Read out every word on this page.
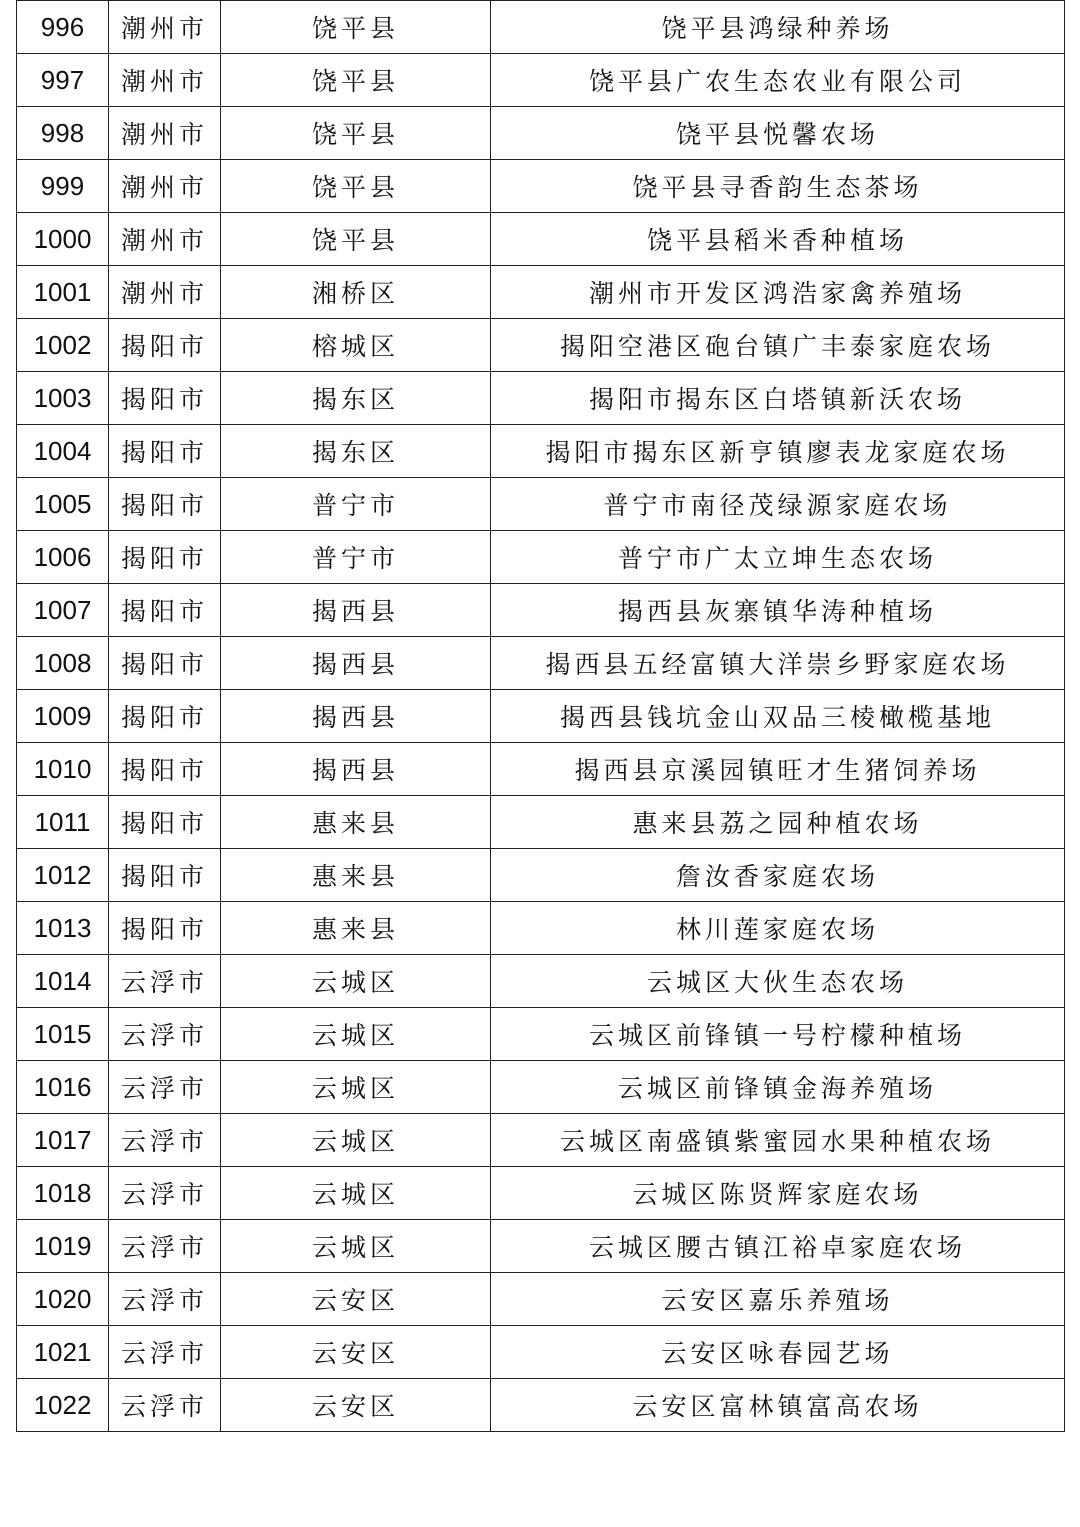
996	潮州市	饶平县	饶平县鸿绿种养场
997	潮州市	饶平县	饶平县广农生态农业有限公司
998	潮州市	饶平县	饶平县悦馨农场
999	潮州市	饶平县	饶平县寻香韵生态茶场
1000	潮州市	饶平县	饶平县稻米香种植场
1001	潮州市	湘桥区	潮州市开发区鸿浩家禽养殖场
1002	揭阳市	榕城区	揭阳空港区砲台镇广丰泰家庭农场
1003	揭阳市	揭东区	揭阳市揭东区白塔镇新沃农场
1004	揭阳市	揭东区	揭阳市揭东区新亨镇廖表龙家庭农场
1005	揭阳市	普宁市	普宁市南径茂绿源家庭农场
1006	揭阳市	普宁市	普宁市广太立坤生态农场
1007	揭阳市	揭西县	揭西县灰寨镇华涛种植场
1008	揭阳市	揭西县	揭西县五经富镇大洋崇乡野家庭农场
1009	揭阳市	揭西县	揭西县钱坑金山双品三棱橄榄基地
1010	揭阳市	揭西县	揭西县京溪园镇旺才生猪饲养场
1011	揭阳市	惠来县	惠来县荔之园种植农场
1012	揭阳市	惠来县	詹汝香家庭农场
1013	揭阳市	惠来县	林川莲家庭农场
1014	云浮市	云城区	云城区大伙生态农场
1015	云浮市	云城区	云城区前锋镇一号柠檬种植场
1016	云浮市	云城区	云城区前锋镇金海养殖场
1017	云浮市	云城区	云城区南盛镇紫蜜园水果种植农场
1018	云浮市	云城区	云城区陈贤辉家庭农场
1019	云浮市	云城区	云城区腰古镇江裕卓家庭农场
1020	云浮市	云安区	云安区嘉乐养殖场
1021	云浮市	云安区	云安区咏春园艺场
1022	云浮市	云安区	云安区富林镇富高农场
